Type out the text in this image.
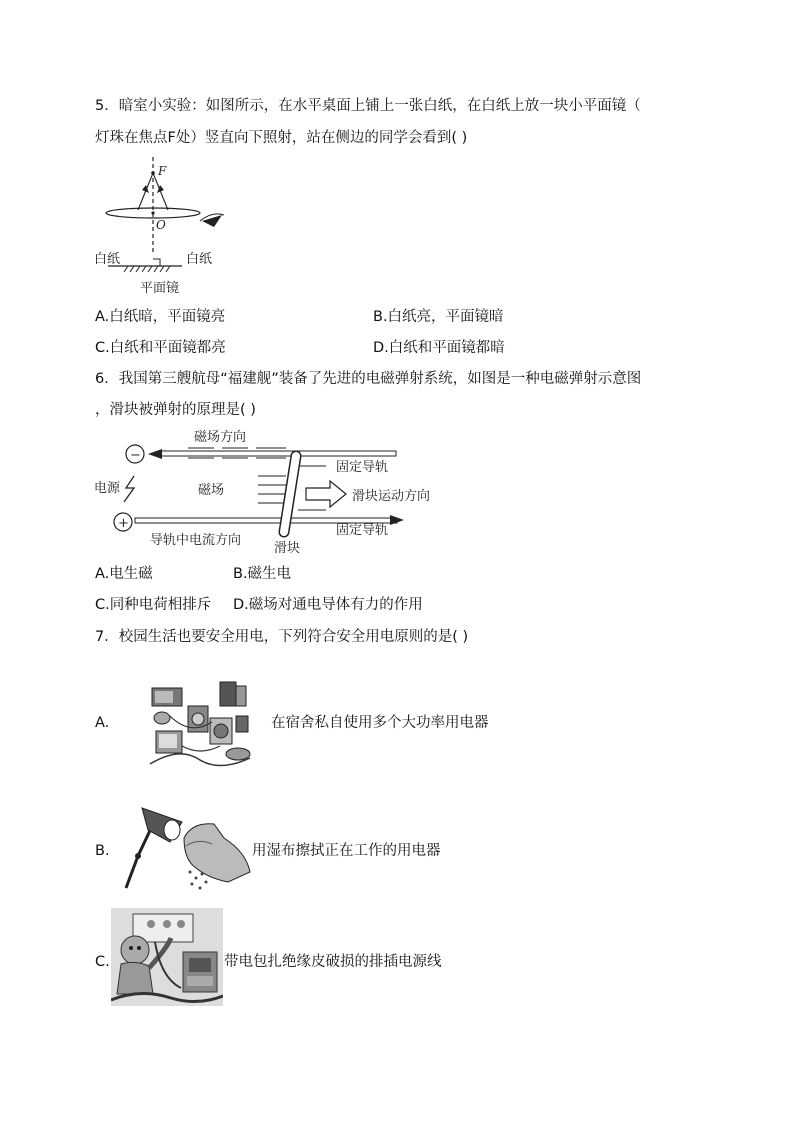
5．暗室小实验：如图所示，在水平桌面上铺上一张白纸，在白纸上放一块小平面镜（
灯珠在焦点F处）竖直向下照射，站在侧边的同学会看到( )
F
O
白纸	白纸
平面镜
A.白纸暗，平面镜亮	B.白纸亮，平面镜暗
C.白纸和平面镜都亮	D.白纸和平面镜都暗
6．我国第三艘航母“福建舰”装备了先进的电磁弹射系统，如图是一种电磁弹射示意图
，滑块被弹射的原理是( )
−
+
电源
磁场方向
磁场
滑块
固定导轨
滑块运动方向
固定导轨
导轨中电流方向
A.电生磁	B.磁生电
C.同种电荷相排斥 D.磁场对通电导体有力的作用
7．校园生活也要安全用电，下列符合安全用电原则的是( )
A.	在宿舍私自使用多个大功率用电器
B.	用湿布擦拭正在工作的用电器
C.	带电包扎绝缘皮破损的排插电源线
